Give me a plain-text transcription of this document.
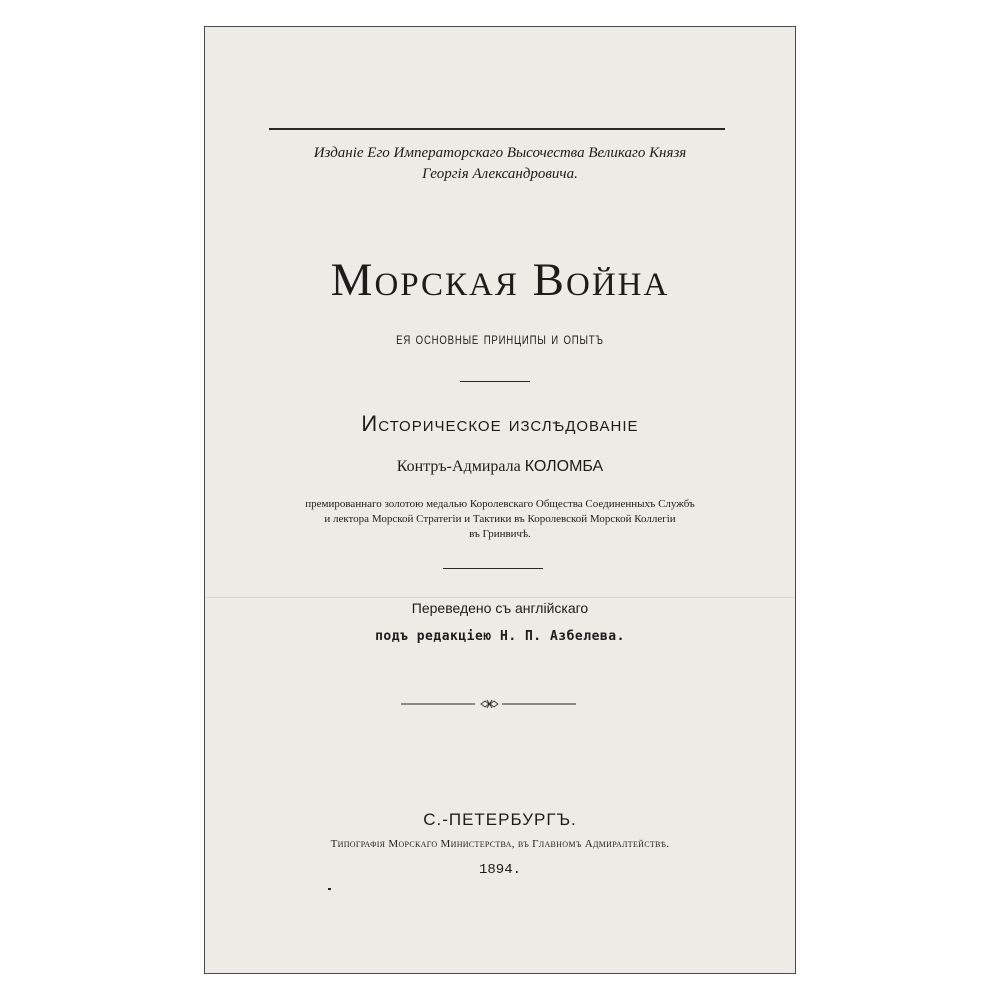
Изданіе Его Императорскаго Высочества Великаго Князя
Георгія Александровича.
Морская Война
ея основные принципы и опытъ
Историческое изслѣдованіе
Контръ-Адмирала КОЛОМБА
премированнаго золотою медалью Королевскаго Общества Соединенныхъ Службъ
и лектора Морской Стратегіи и Тактики въ Королевской Морской Коллегіи
въ Гринвичѣ.
Переведено съ англійскаго
подъ редакціею Н. П. Азбелева.
С.-ПЕТЕРБУРГЪ.
Типографія Морскаго Министерства, въ Главномъ Адмиралтействѣ.
1894.
